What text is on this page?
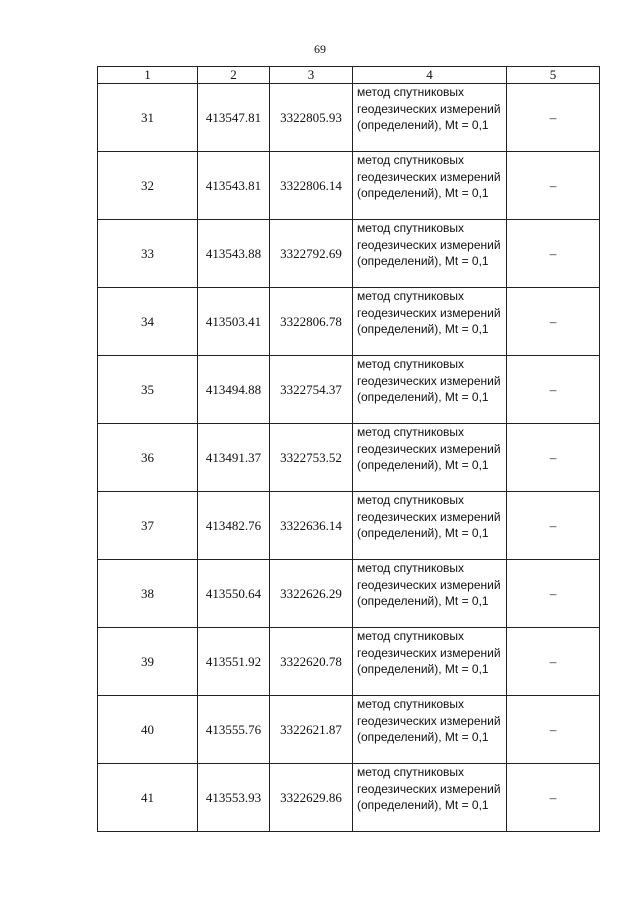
69
1	2	3	4	5
31	413547.81	3322805.93	метод спутниковых геодезических измерений (определений), Mt = 0,1	–
32	413543.81	3322806.14	метод спутниковых геодезических измерений (определений), Mt = 0,1	–
33	413543.88	3322792.69	метод спутниковых геодезических измерений (определений), Mt = 0,1	–
34	413503.41	3322806.78	метод спутниковых геодезических измерений (определений), Mt = 0,1	–
35	413494.88	3322754.37	метод спутниковых геодезических измерений (определений), Mt = 0,1	–
36	413491.37	3322753.52	метод спутниковых геодезических измерений (определений), Mt = 0,1	–
37	413482.76	3322636.14	метод спутниковых геодезических измерений (определений), Mt = 0,1	–
38	413550.64	3322626.29	метод спутниковых геодезических измерений (определений), Mt = 0,1	–
39	413551.92	3322620.78	метод спутниковых геодезических измерений (определений), Mt = 0,1	–
40	413555.76	3322621.87	метод спутниковых геодезических измерений (определений), Mt = 0,1	–
41	413553.93	3322629.86	метод спутниковых геодезических измерений (определений), Mt = 0,1	–
